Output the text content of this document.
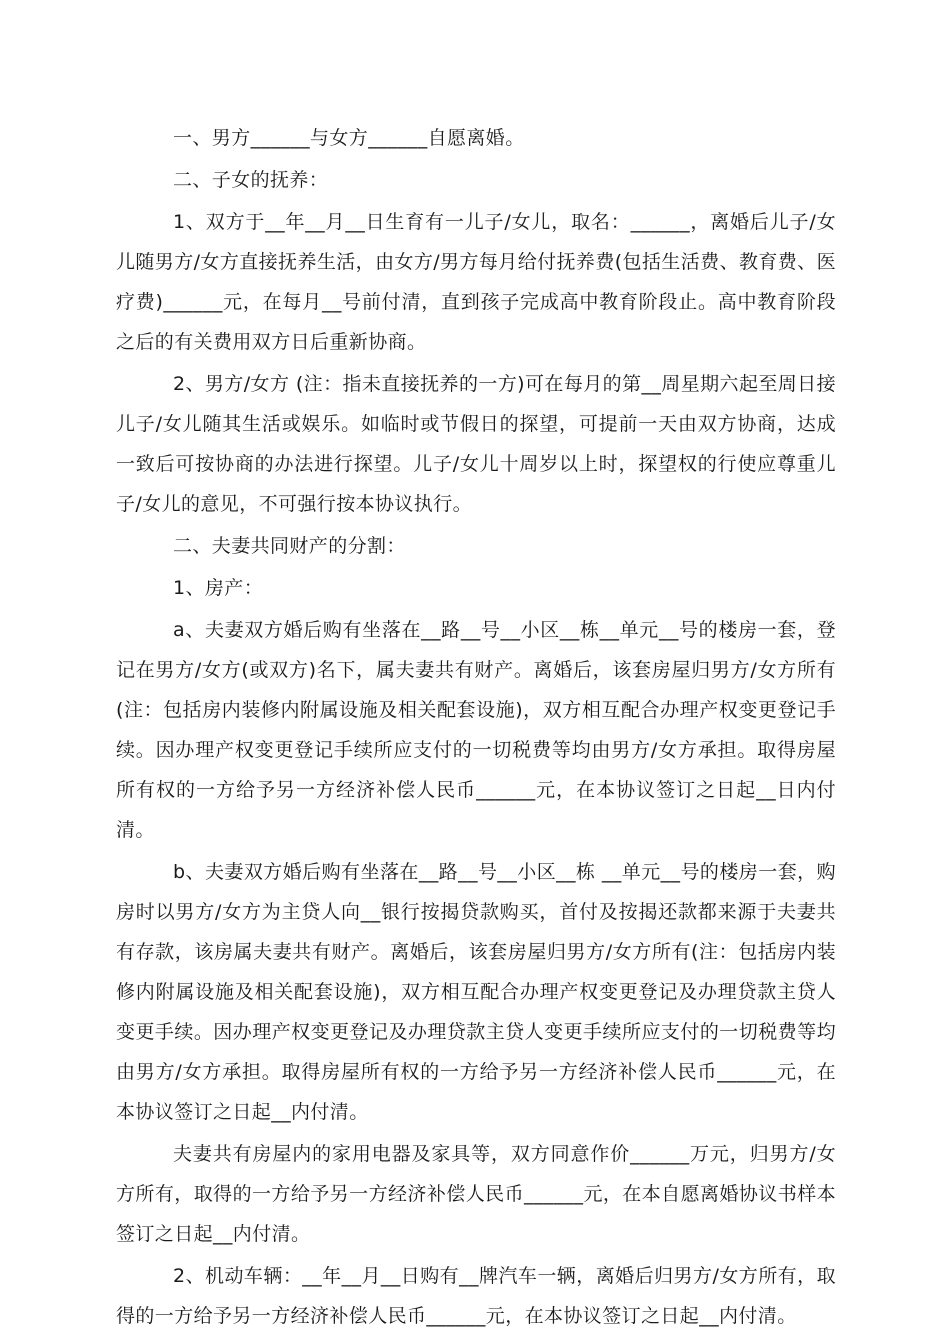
一、男方______与女方______自愿离婚。

二、子女的抚养：

1、双方于__年__月__日生育有一儿子/女儿，取名：______，离婚后儿子/女儿随男方/女方直接抚养生活，由女方/男方每月给付抚养费(包括生活费、教育费、医疗费)______元，在每月__号前付清，直到孩子完成高中教育阶段止。高中教育阶段之后的有关费用双方日后重新协商。

2、男方/女方 (注：指未直接抚养的一方)可在每月的第__周星期六起至周日接儿子/女儿随其生活或娱乐。如临时或节假日的探望，可提前一天由双方协商，达成一致后可按协商的办法进行探望。儿子/女儿十周岁以上时，探望权的行使应尊重儿子/女儿的意见，不可强行按本协议执行。

二、夫妻共同财产的分割：

1、房产：

a、夫妻双方婚后购有坐落在__路__号__小区__栋__单元__号的楼房一套，登记在男方/女方(或双方)名下，属夫妻共有财产。离婚后，该套房屋归男方/女方所有(注：包括房内装修内附属设施及相关配套设施)，双方相互配合办理产权变更登记手续。因办理产权变更登记手续所应支付的一切税费等均由男方/女方承担。取得房屋所有权的一方给予另一方经济补偿人民币______元，在本协议签订之日起__日内付清。

b、夫妻双方婚后购有坐落在__路__号__小区__栋 __单元__号的楼房一套，购房时以男方/女方为主贷人向__银行按揭贷款购买，首付及按揭还款都来源于夫妻共有存款，该房属夫妻共有财产。离婚后，该套房屋归男方/女方所有(注：包括房内装修内附属设施及相关配套设施)，双方相互配合办理产权变更登记及办理贷款主贷人变更手续。因办理产权变更登记及办理贷款主贷人变更手续所应支付的一切税费等均由男方/女方承担。取得房屋所有权的一方给予另一方经济补偿人民币______元，在本协议签订之日起__内付清。

夫妻共有房屋内的家用电器及家具等，双方同意作价______万元，归男方/女方所有，取得的一方给予另一方经济补偿人民币______元，在本自愿离婚协议书样本签订之日起__内付清。

2、机动车辆：__年__月__日购有__牌汽车一辆，离婚后归男方/女方所有，取得的一方给予另一方经济补偿人民币______元，在本协议签订之日起__内付清。
